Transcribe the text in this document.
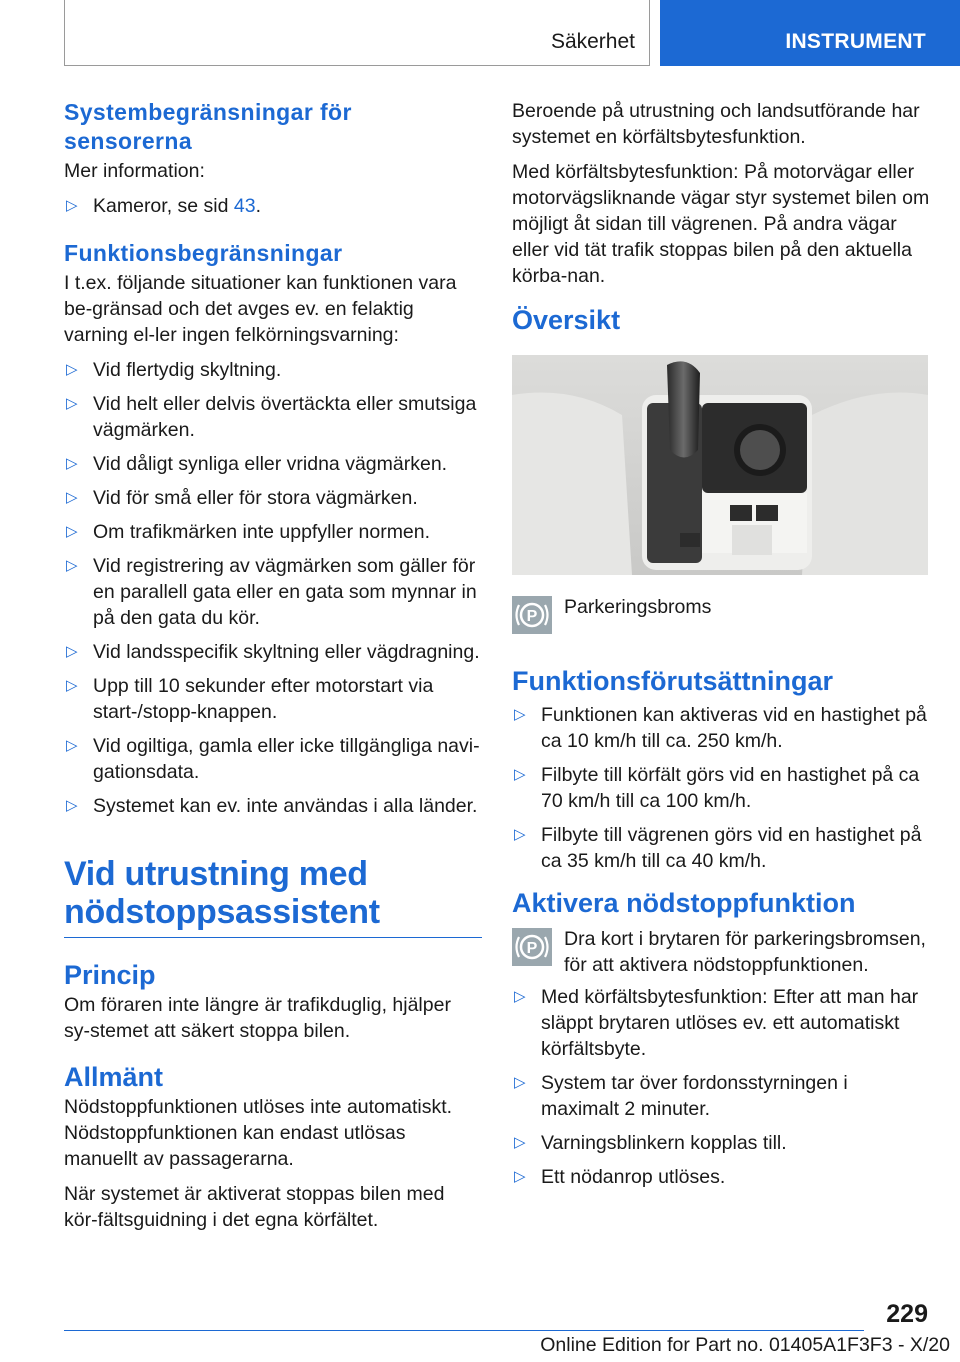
Säkerhet	INSTRUMENT
Systembegränsningar för sensorerna

Mer information:

▷ Kameror, se sid 43.
Funktionsbegränsningar

I t.ex. följande situationer kan funktionen vara be-gränsad och det avges ev. en felaktig varning el-ler ingen felkörningsvarning:

▷ Vid flertydig skyltning.
▷ Vid helt eller delvis övertäckta eller smutsiga vägmärken.
▷ Vid dåligt synliga eller vridna vägmärken.
▷ Vid för små eller för stora vägmärken.
▷ Om trafikmärken inte uppfyller normen.
▷ Vid registrering av vägmärken som gäller för en parallell gata eller en gata som mynnar in på den gata du kör.
▷ Vid landsspecifik skyltning eller vägdragning.
▷ Upp till 10 sekunder efter motorstart via start-/stopp-knappen.
▷ Vid ogiltiga, gamla eller icke tillgängliga navi-gationsdata.
▷ Systemet kan ev. inte användas i alla länder.
Vid utrustning med nödstoppsassistent
Princip

Om föraren inte längre är trafikduglig, hjälper sy-stemet att säkert stoppa bilen.

Allmänt

Nödstoppfunktionen utlöses inte automatiskt. Nödstoppfunktionen kan endast utlösas manuellt av passagerarna.

När systemet är aktiverat stoppas bilen med kör-fältsguidning i det egna körfältet.

Beroende på utrustning och landsutförande har systemet en körfältsbytesfunktion.

Med körfältsbytesfunktion: På motorvägar eller motorvägsliknande vägar styr systemet bilen om möjligt åt sidan till vägrenen. På andra vägar eller vid tät trafik stoppas bilen på den aktuella körba-nan.

Översikt
P Parkeringsbroms

Funktionsförutsättningar
▷ Funktionen kan aktiveras vid en hastighet på ca 10 km/h till ca. 250 km/h.
▷ Filbyte till körfält görs vid en hastighet på ca 70 km/h till ca 100 km/h.
▷ Filbyte till vägrenen görs vid en hastighet på ca 35 km/h till ca 40 km/h.
Aktivera nödstoppfunktion
P Dra kort i brytaren för parkeringsbromsen, för att aktivera nödstoppfunktionen.

▷ Med körfältsbytesfunktion: Efter att man har släppt brytaren utlöses ev. ett automatiskt körfältsbyte.
▷ System tar över fordonsstyrningen i maximalt 2 minuter.
▷ Varningsblinkern kopplas till.
▷ Ett nödanrop utlöses.
229
Online Edition for Part no. 01405A1F3F3 - X/20
